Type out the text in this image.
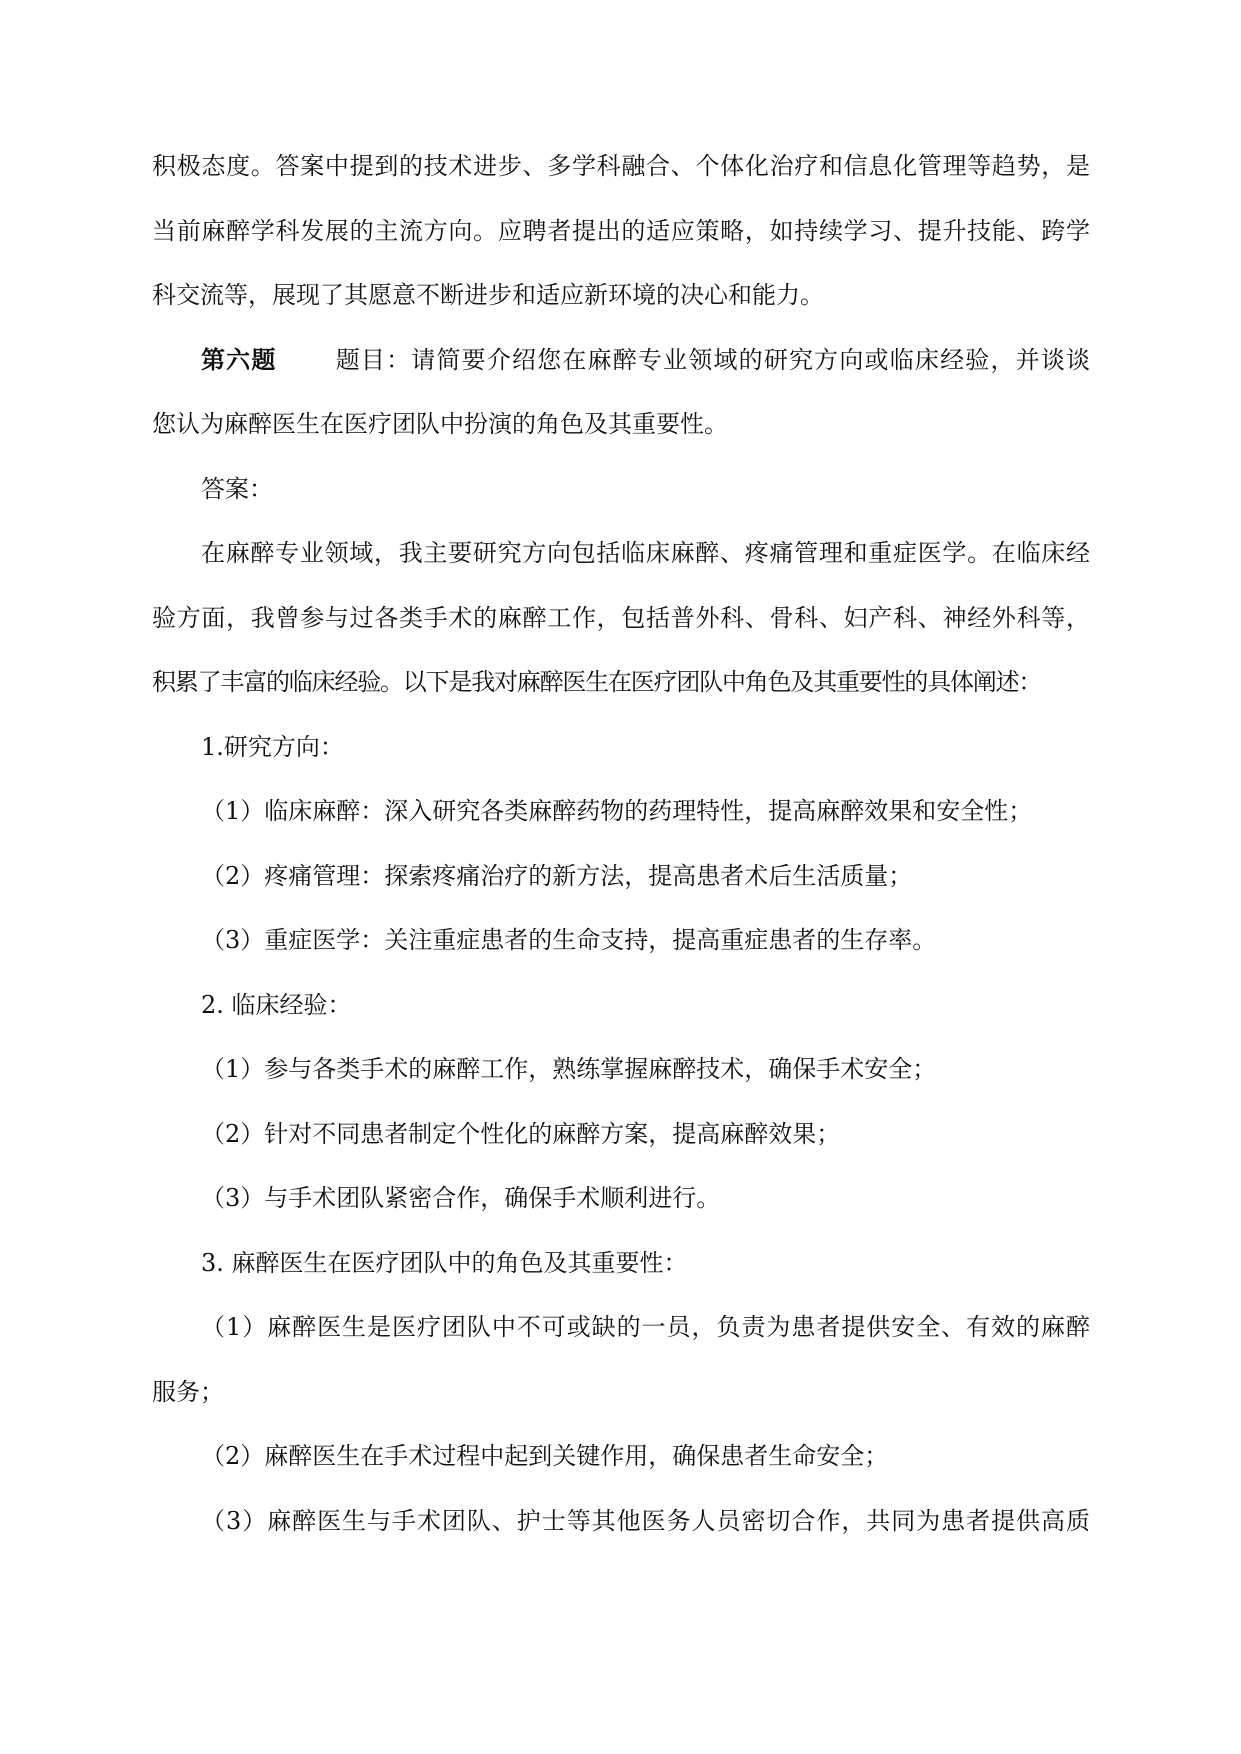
积极态度。答案中提到的技术进步、多学科融合、个体化治疗和信息化管理等趋势，是
当前麻醉学科发展的主流方向。应聘者提出的适应策略，如持续学习、提升技能、跨学
科交流等，展现了其愿意不断进步和适应新环境的决心和能力。
第六题 题目：请简要介绍您在麻醉专业领域的研究方向或临床经验，并谈谈
您认为麻醉医生在医疗团队中扮演的角色及其重要性。
答案：
在麻醉专业领域，我主要研究方向包括临床麻醉、疼痛管理和重症医学。在临床经
验方面，我曾参与过各类手术的麻醉工作，包括普外科、骨科、妇产科、神经外科等，
积累了丰富的临床经验。以下是我对麻醉医生在医疗团队中角色及其重要性的具体阐述：
1.研究方向：
（1）临床麻醉：深入研究各类麻醉药物的药理特性，提高麻醉效果和安全性；
（2）疼痛管理：探索疼痛治疗的新方法，提高患者术后生活质量；
（3）重症医学：关注重症患者的生命支持，提高重症患者的生存率。
2. 临床经验：
（1）参与各类手术的麻醉工作，熟练掌握麻醉技术，确保手术安全；
（2）针对不同患者制定个性化的麻醉方案，提高麻醉效果；
（3）与手术团队紧密合作，确保手术顺利进行。
3. 麻醉医生在医疗团队中的角色及其重要性：
（1）麻醉医生是医疗团队中不可或缺的一员，负责为患者提供安全、有效的麻醉
服务；
（2）麻醉医生在手术过程中起到关键作用，确保患者生命安全；
（3）麻醉医生与手术团队、护士等其他医务人员密切合作，共同为患者提供高质
